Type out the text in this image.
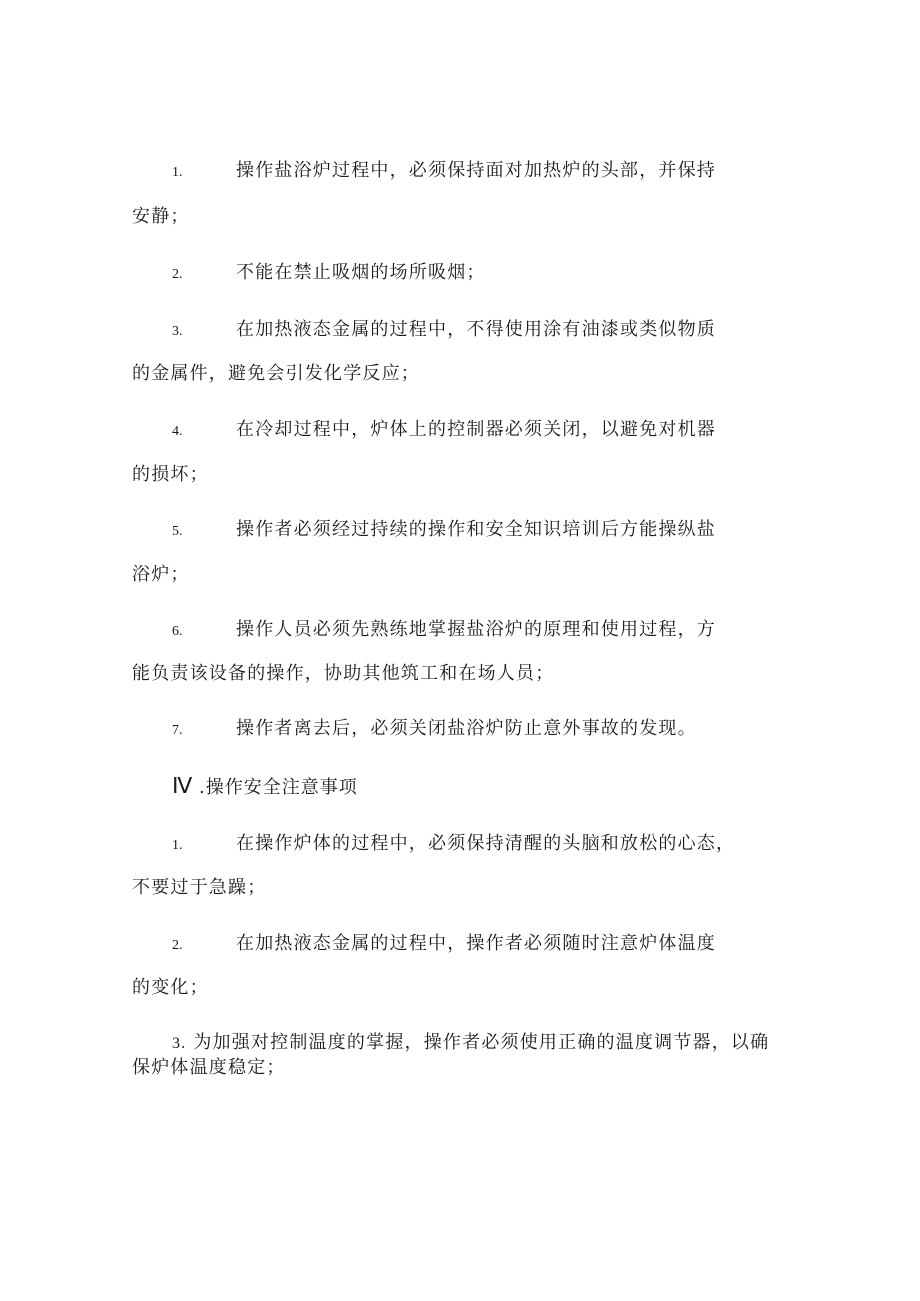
1.	操作盐浴炉过程中，必须保持面对加热炉的头部，并保持
安静；
2.	不能在禁止吸烟的场所吸烟；
3.	在加热液态金属的过程中，不得使用涂有油漆或类似物质
的金属件，避免会引发化学反应；
4.	在冷却过程中，炉体上的控制器必须关闭，以避免对机器
的损坏；
5.	操作者必须经过持续的操作和安全知识培训后方能操纵盐
浴炉；
6.	操作人员必须先熟练地掌握盐浴炉的原理和使用过程，方
能负责该设备的操作，协助其他筑工和在场人员；
7.	操作者离去后，必须关闭盐浴炉防止意外事故的发现。
Ⅳ .操作安全注意事项
1.	在操作炉体的过程中，必须保持清醒的头脑和放松的心态，
不要过于急躁；
2.	在加热液态金属的过程中，操作者必须随时注意炉体温度
的变化；
3. 为加强对控制温度的掌握，操作者必须使用正确的温度调节器，以确
保炉体温度稳定；
